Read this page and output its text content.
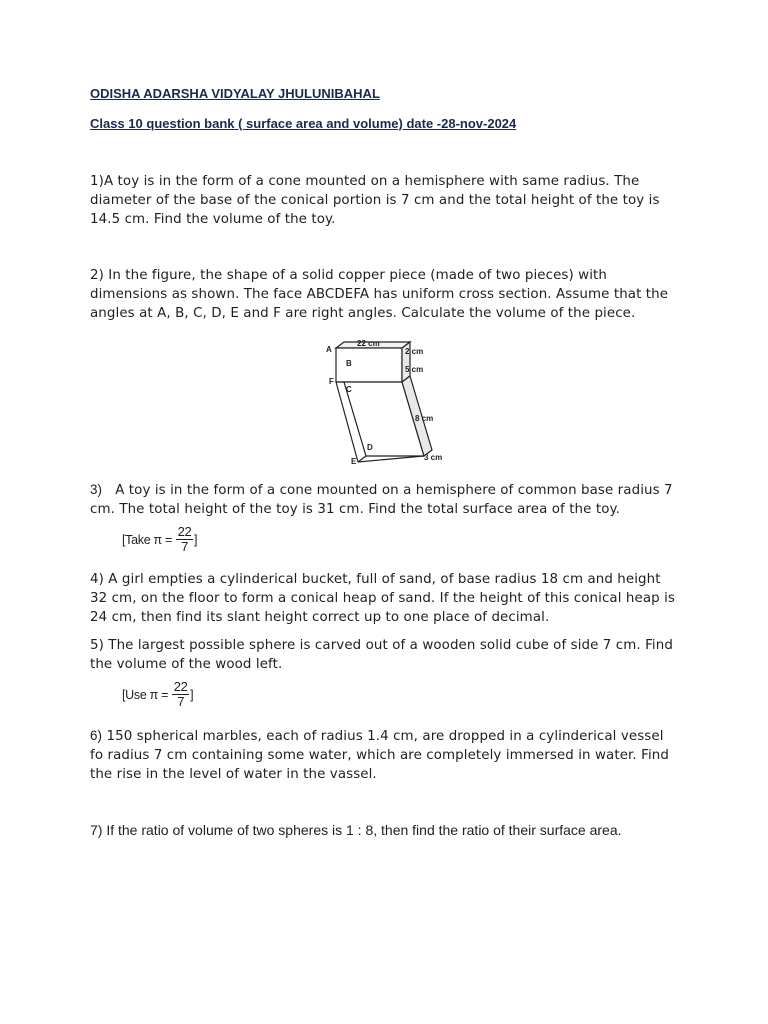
ODISHA ADARSHA VIDYALAY JHULUNIBAHAL
Class 10 question bank ( surface area and volume) date -28-nov-2024

1)A toy is in the form of a cone mounted on a hemisphere with same radius. The diameter of the base of the conical portion is 7 cm and the total height of the toy is 14.5 cm. Find the volume of the toy.

2) In the figure, the shape of a solid copper piece (made of two pieces) with dimensions as shown. The face ABCDEFA has uniform cross section. Assume that the angles at A, B, C, D, E and F are right angles. Calculate the volume of the piece.

A
B
F
C
D
E
22 cm
2 cm
5 cm
8 cm
3 cm

3) A toy is in the form of a cone mounted on a hemisphere of common base radius 7 cm. The total height of the toy is 31 cm. Find the total surface area of the toy.

[Take $\pi = \frac{22}{7}$ ]

4) A girl empties a cylinderical bucket, full of sand, of base radius 18 cm and height 32 cm, on the floor to form a conical heap of sand. If the height of this conical heap is 24 cm, then find its slant height correct up to one place of decimal.

5) The largest possible sphere is carved out of a wooden solid cube of side 7 cm. Find the volume of the wood left.

[Use $\pi = \frac{22}{7}$ ]

6) 150 spherical marbles, each of radius 1.4 cm, are dropped in a cylinderical vessel fo radius 7 cm containing some water, which are completely immersed in water. Find the rise in the level of water in the vassel.

7) If the ratio of volume of two spheres is 1 : 8, then find the ratio of their surface area.
